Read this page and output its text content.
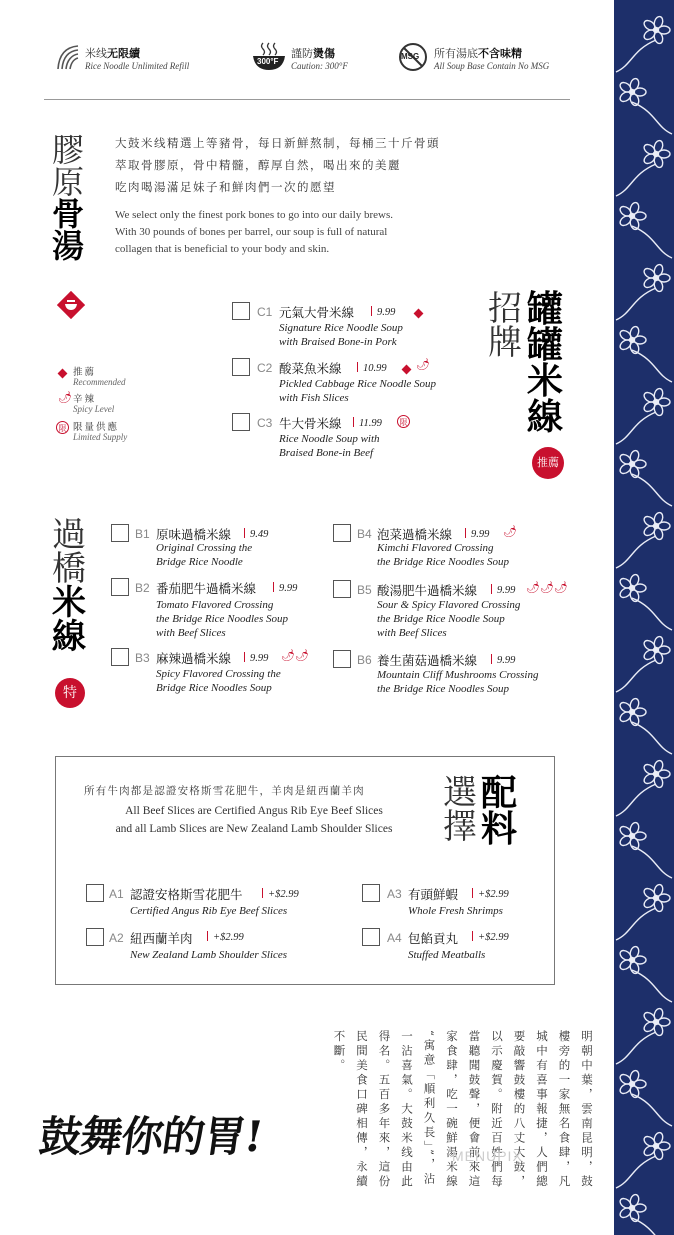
米线无限續
Rice Noodle Unlimited Refill	300°F
謹防燙傷
Caution: 300°F
MSG 所有湯底不含味精
All Soup Base Contain No MSG
膠
原
骨
湯
大鼓米线精選上等豬骨，每日新鮮熬制，每桶三十斤骨頭
萃取骨膠原，骨中精髓，醇厚自然，喝出來的美麗
吃肉喝湯滿足妹子和鮮肉們一次的愿望
We select only the finest pork bones to go into our daily brews.
With 30 pounds of bones per barrel, our soup is full of natural
collagen that is beneficial to your body and skin.
推薦
Recommended
🌶 辛辣
Spicy Level
限 限量供應
Limited Supply
招
牌
罐
罐
米
線
推薦
C1 元氣大骨米線	9.99
Signature Rice Noodle Soup
with Braised Bone-in Pork
C2 酸菜魚米線	10.99	🌶
Pickled Cabbage Rice Noodle Soup
with Fish Slices
C3 牛大骨米線	11.99	限
Rice Noodle Soup with
Braised Bone-in Beef
過
橋
米
線
特
B1 原味過橋米線	9.49
Original Crossing the
Bridge Rice Noodle
B2 番茄肥牛過橋米線	9.99
Tomato Flavored Crossing
the Bridge Rice Noodles Soup
with Beef Slices
B3 麻辣過橋米線	9.99 🌶🌶
Spicy Flavored Crossing the
Bridge Rice Noodles Soup
B4 泡菜過橋米線	9.99 🌶
Kimchi Flavored Crossing
the Bridge Rice Noodles Soup
B5 酸湯肥牛過橋米線	9.99 🌶🌶🌶
Sour & Spicy Flavored Crossing
the Bridge Rice Noodle Soup
with Beef Slices
B6 養生菌菇過橋米線	9.99
Mountain Cliff Mushrooms Crossing
the Bridge Rice Noodles Soup
所有牛肉都是認證安格斯雪花肥牛，羊肉是紐西蘭羊肉
All Beef Slices are Certified Angus Rib Eye Beef Slices
and all Lamb Slices are New Zealand Lamb Shoulder Slices
選
擇
配
料
A1 認證安格斯雪花肥牛	+$2.99
Certified Angus Rib Eye Beef Slices
A2 紐西蘭羊肉	+$2.99
New Zealand Lamb Shoulder Slices
A3 有頭鮮蝦	+$2.99
Whole Fresh Shrimps
A4 包餡貢丸	+$2.99
Stuffed Meatballs
明朝中葉，雲南昆明，鼓
樓旁的一家無名食肆，凡
城中有喜事報捷，人們總
要敲響鼓樓的八丈大鼓，
以示慶賀。附近百姓們每
當聽聞鼓聲，便會前來這
家食肆，吃一碗鮮湯米線
“寓意「順利久長」”，沾
一沾喜氣。大鼓米线由此
得名。五百多年來，這份
民間美食口碑相傳，永續
不斷。
鼓舞你的胃!	MENUPIX
